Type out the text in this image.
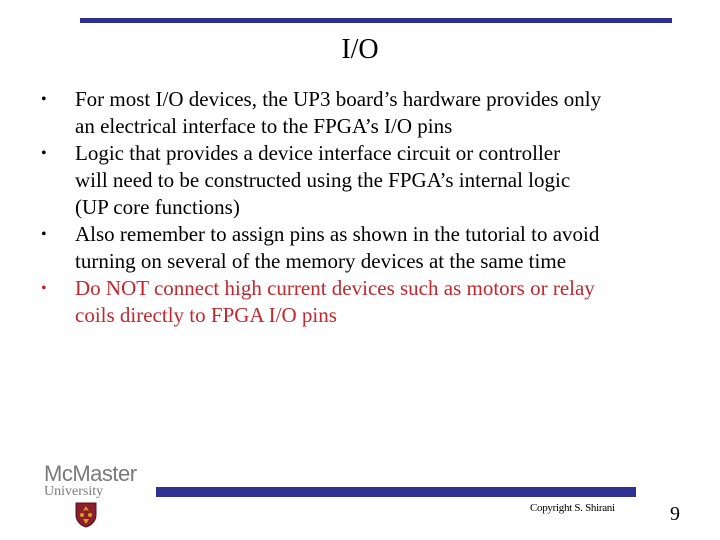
I/O
• For most I/O devices, the UP3 board’s hardware provides only
an electrical interface to the FPGA’s I/O pins
• Logic that provides a device interface circuit or controller
will need to be constructed using the FPGA’s internal logic
(UP core functions)
• Also remember to assign pins as shown in the tutorial to avoid
turning on several of the memory devices at the same time
• Do NOT connect high current devices such as motors or relay
coils directly to FPGA I/O pins
McMaster
University
Copyright S. Shirani	9
